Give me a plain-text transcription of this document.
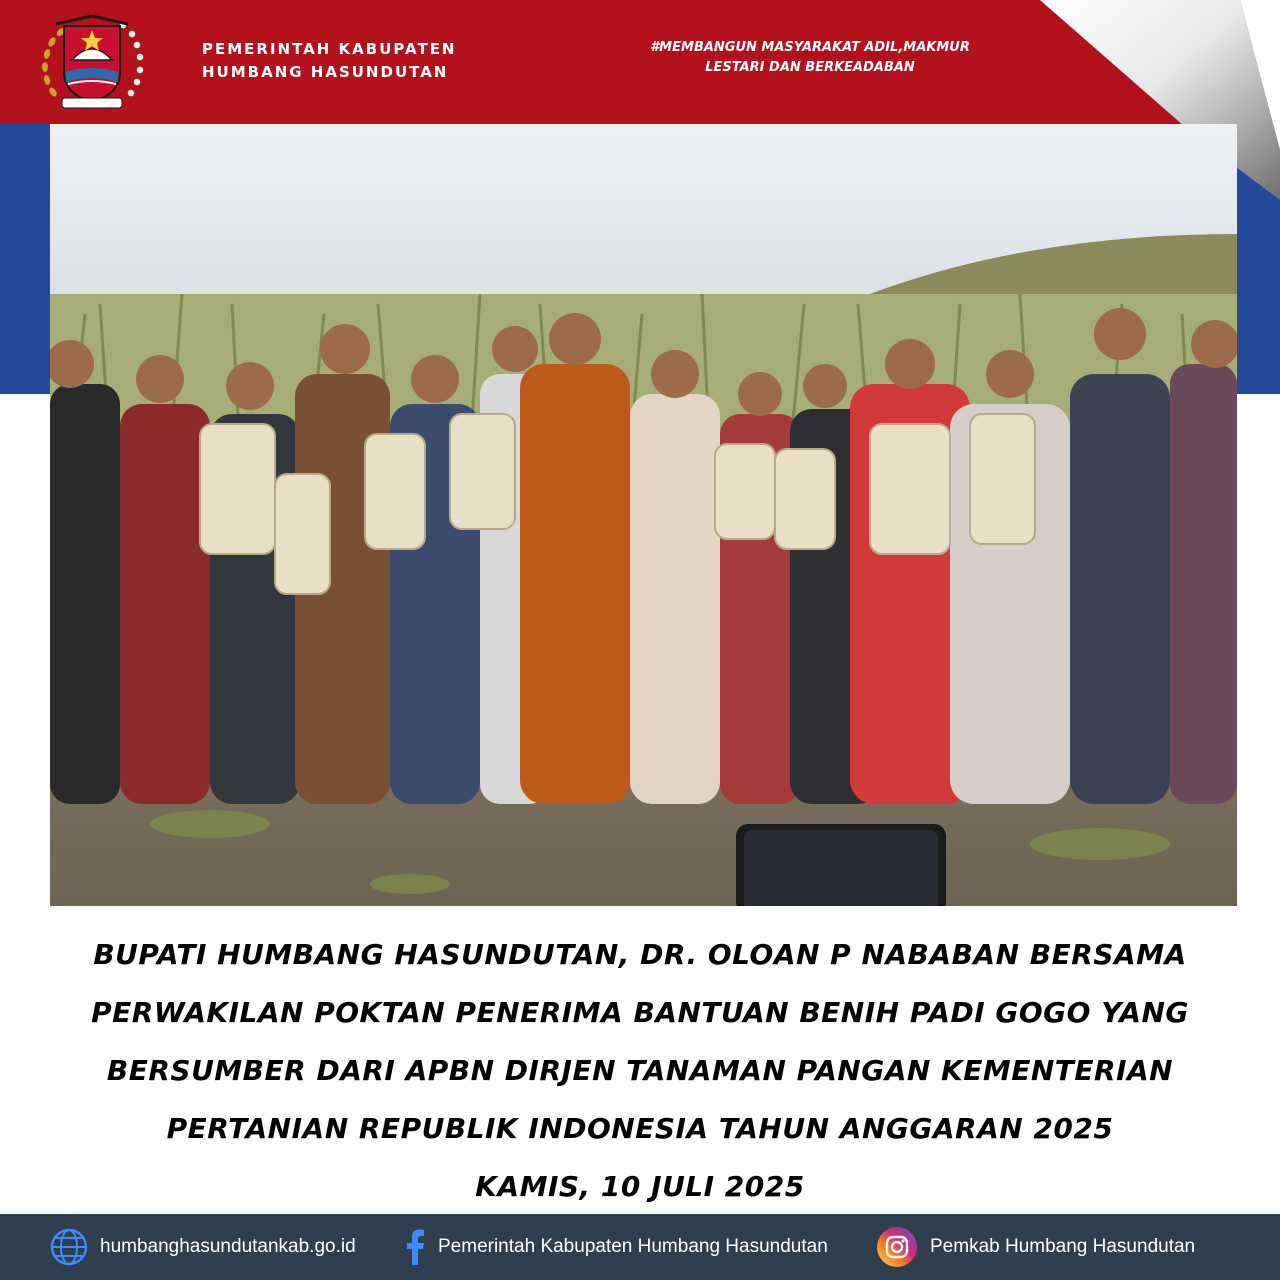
PEMERINTAH KABUPATEN
HUMBANG HASUNDUTAN
#MEMBANGUN MASYARAKAT ADIL,MAKMUR
LESTARI DAN BERKEADABAN
BUPATI HUMBANG HASUNDUTAN, DR. OLOAN P NABABAN BERSAMA
PERWAKILAN POKTAN PENERIMA BANTUAN BENIH PADI GOGO YANG
BERSUMBER DARI APBN DIRJEN TANAMAN PANGAN KEMENTERIAN
PERTANIAN REPUBLIK INDONESIA TAHUN ANGGARAN 2025
KAMIS, 10 JULI 2025
humbanghasundutankab.go.id	Pemerintah Kabupaten Humbang Hasundutan	Pemkab Humbang Hasundutan
